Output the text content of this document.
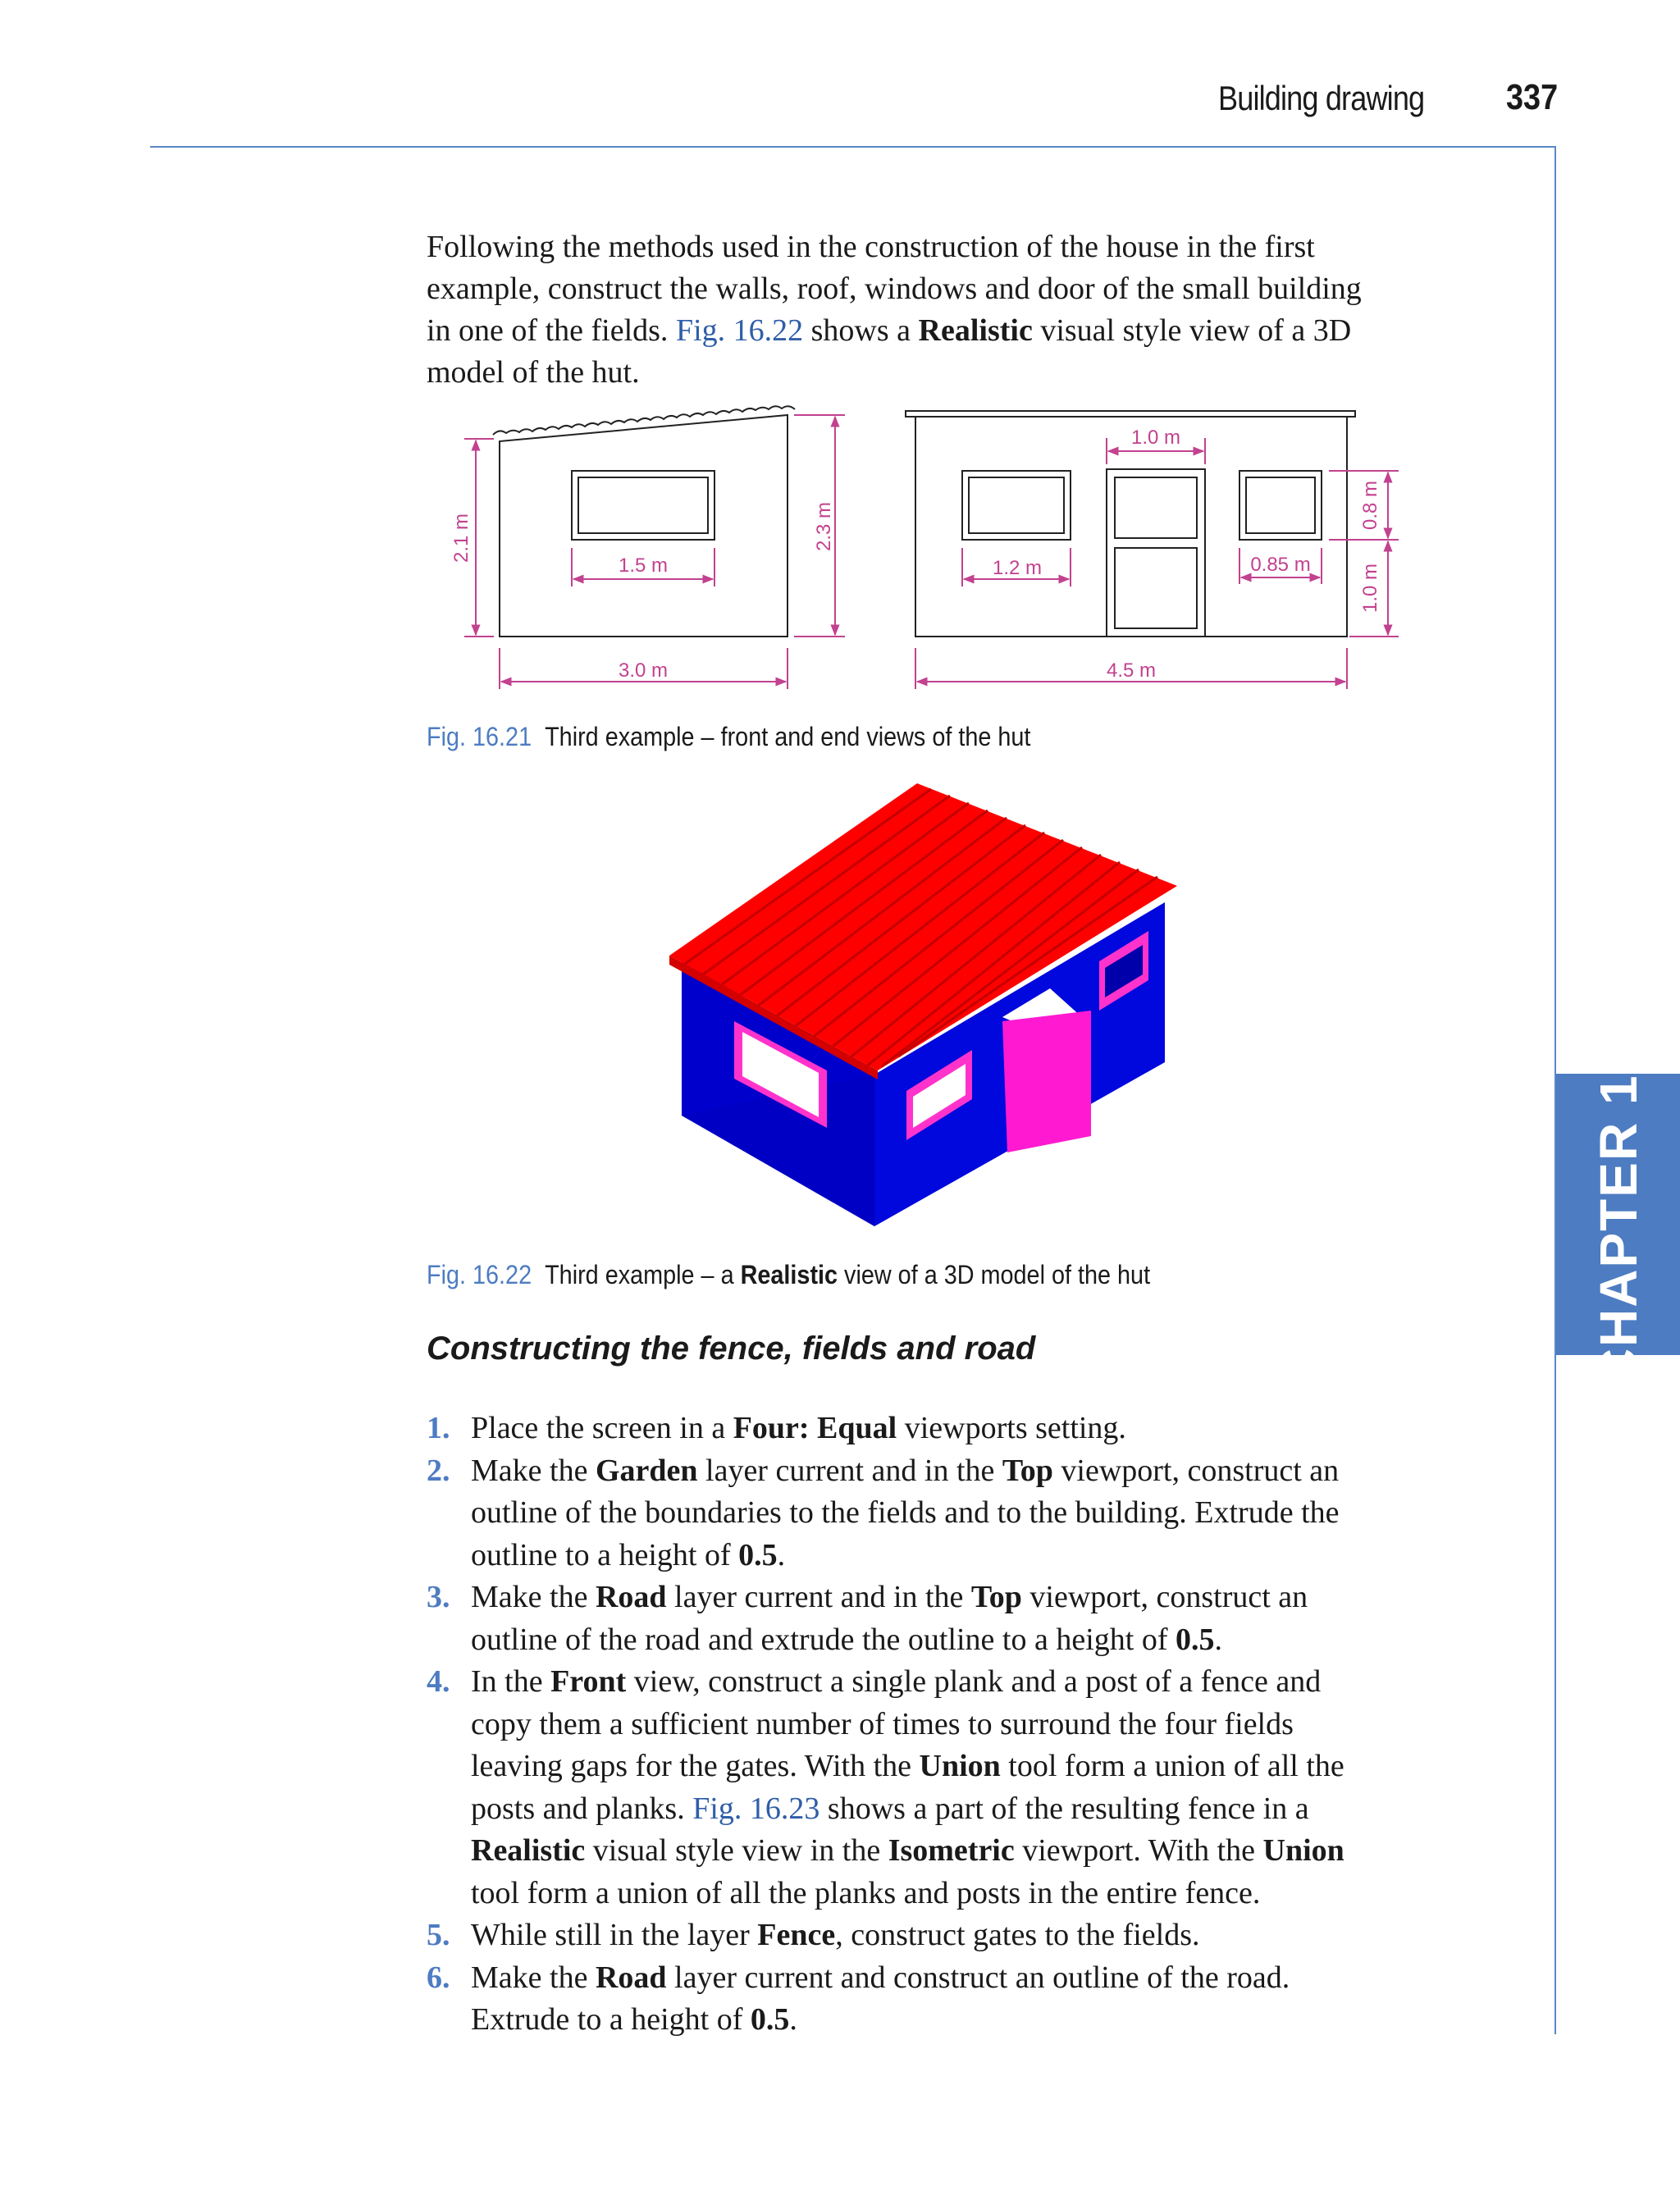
Building drawing 337
CHAPTER 16
Following the methods used in the construction of the house in the first
example, construct the walls, roof, windows and door of the small building
in one of the fields. Fig. 16.22 shows a Realistic visual style view of a 3D
model of the hut.
2.1 m
1.5 m
2.3 m
3.0 m
1.0 m
1.2 m	0.85 m
0.8 m
1.0 m
4.5 m
Fig. 16.21 Third example – front and end views of the hut
Fig. 16.22 Third example – a Realistic view of a 3D model of the hut
Constructing the fence, fields and road
1. Place the screen in a Four: Equal viewports setting.
2. Make the Garden layer current and in the Top viewport, construct an
outline of the boundaries to the fields and to the building. Extrude the
outline to a height of 0.5.
3. Make the Road layer current and in the Top viewport, construct an
outline of the road and extrude the outline to a height of 0.5.
4. In the Front view, construct a single plank and a post of a fence and
copy them a sufficient number of times to surround the four fields
leaving gaps for the gates. With the Union tool form a union of all the
posts and planks. Fig. 16.23 shows a part of the resulting fence in a
Realistic visual style view in the Isometric viewport. With the Union
tool form a union of all the planks and posts in the entire fence.
5. While still in the layer Fence, construct gates to the fields.
6. Make the Road layer current and construct an outline of the road.
Extrude to a height of 0.5.
